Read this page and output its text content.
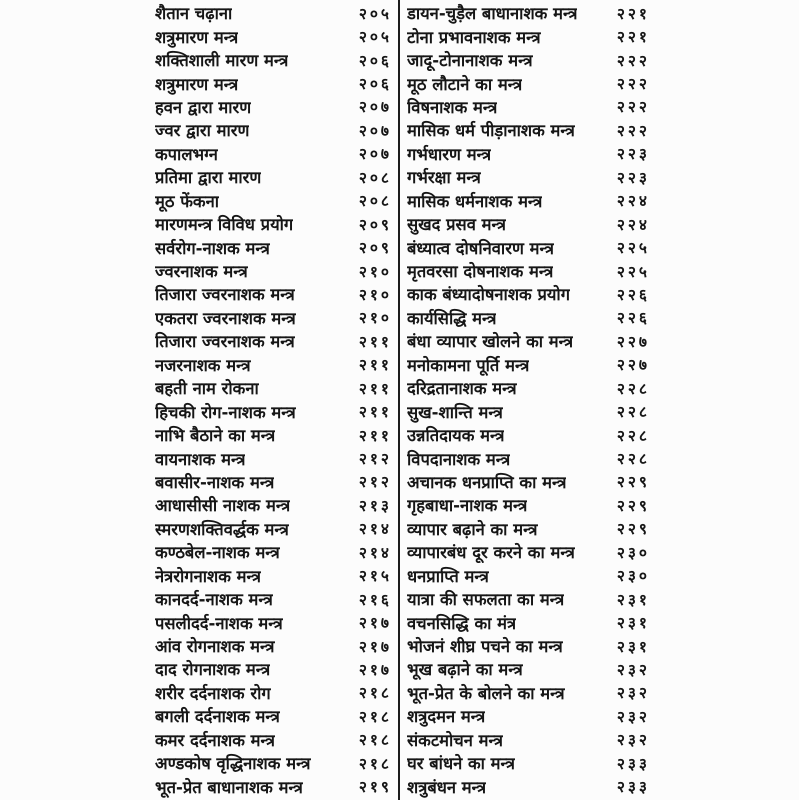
शैतान चढ़ाना	२०५
शत्रुमारण मन्त्र	२०५
शक्तिशाली मारण मन्त्र	२०६
शत्रुमारण मन्त्र	२०६
हवन द्वारा मारण	२०७
ज्वर द्वारा मारण	२०७
कपालभग्न	२०७
प्रतिमा द्वारा मारण	२०८
मूठ फेंकना	२०८
मारणमन्त्र विविध प्रयोग	२०९
सर्वरोग-नाशक मन्त्र	२०९
ज्वरनाशक मन्त्र	२१०
तिजारा ज्वरनाशक मन्त्र	२१०
एकतरा ज्वरनाशक मन्त्र	२१०
तिजारा ज्वरनाशक मन्त्र	२११
नजरनाशक मन्त्र	२११
बहती नाम रोकना	२११
हिचकी रोग-नाशक मन्त्र	२११
नाभि बैठाने का मन्त्र	२११
वायनाशक मन्त्र	२१२
बवासीर-नाशक मन्त्र	२१२
आधासीसी नाशक मन्त्र	२१३
स्मरणशक्तिवर्द्धक मन्त्र	२१४
कण्ठबेल-नाशक मन्त्र	२१४
नेत्ररोगनाशक मन्त्र	२१५
कानदर्द-नाशक मन्त्र	२१६
पसलीदर्द-नाशक मन्त्र	२१७
आंव रोगनाशक मन्त्र	२१७
दाद रोगनाशक मन्त्र	२१७
शरीर दर्दनाशक रोग	२१८
बगली दर्दनाशक मन्त्र	२१८
कमर दर्दनाशक मन्त्र	२१८
अण्डकोष वृद्धिनाशक मन्त्र	२१८
भूत-प्रेत बाधानाशक मन्त्र	२१९
डायन-चुड़ैल बाधानाशक मन्त्र	२२१
टोना प्रभावनाशक मन्त्र	२२१
जादू-टोनानाशक मन्त्र	२२२
मूठ लौटाने का मन्त्र	२२२
विषनाशक मन्त्र	२२२
मासिक धर्म पीड़ानाशक मन्त्र	२२२
गर्भधारण मन्त्र	२२३
गर्भरक्षा मन्त्र	२२३
मासिक धर्मनाशक मन्त्र	२२४
सुखद प्रसव मन्त्र	२२४
बंध्यात्व दोषनिवारण मन्त्र	२२५
मृतवरसा दोषनाशक मन्त्र	२२५
काक बंध्यादोषनाशक प्रयोग	२२६
कार्यसिद्धि मन्त्र	२२६
बंधा व्यापार खोलने का मन्त्र	२२७
मनोकामना पूर्ति मन्त्र	२२७
दरिद्रतानाशक मन्त्र	२२८
सुख-शान्ति मन्त्र	२२८
उन्नतिदायक मन्त्र	२२८
विपदानाशक मन्त्र	२२८
अचानक धनप्राप्ति का मन्त्र	२२९
गृहबाधा-नाशक मन्त्र	२२९
व्यापार बढ़ाने का मन्त्र	२२९
व्यापारबंध दूर करने का मन्त्र	२३०
धनप्राप्ति मन्त्र	२३०
यात्रा की सफलता का मन्त्र	२३१
वचनसिद्धि का मंत्र	२३१
भोजनं शीघ्र पचने का मन्त्र	२३१
भूख बढ़ाने का मन्त्र	२३२
भूत-प्रेत के बोलने का मन्त्र	२३२
शत्रुदमन मन्त्र	२३२
संकटमोचन मन्त्र	२३२
घर बांधने का मन्त्र	२३३
शत्रुबंधन मन्त्र	२३३
